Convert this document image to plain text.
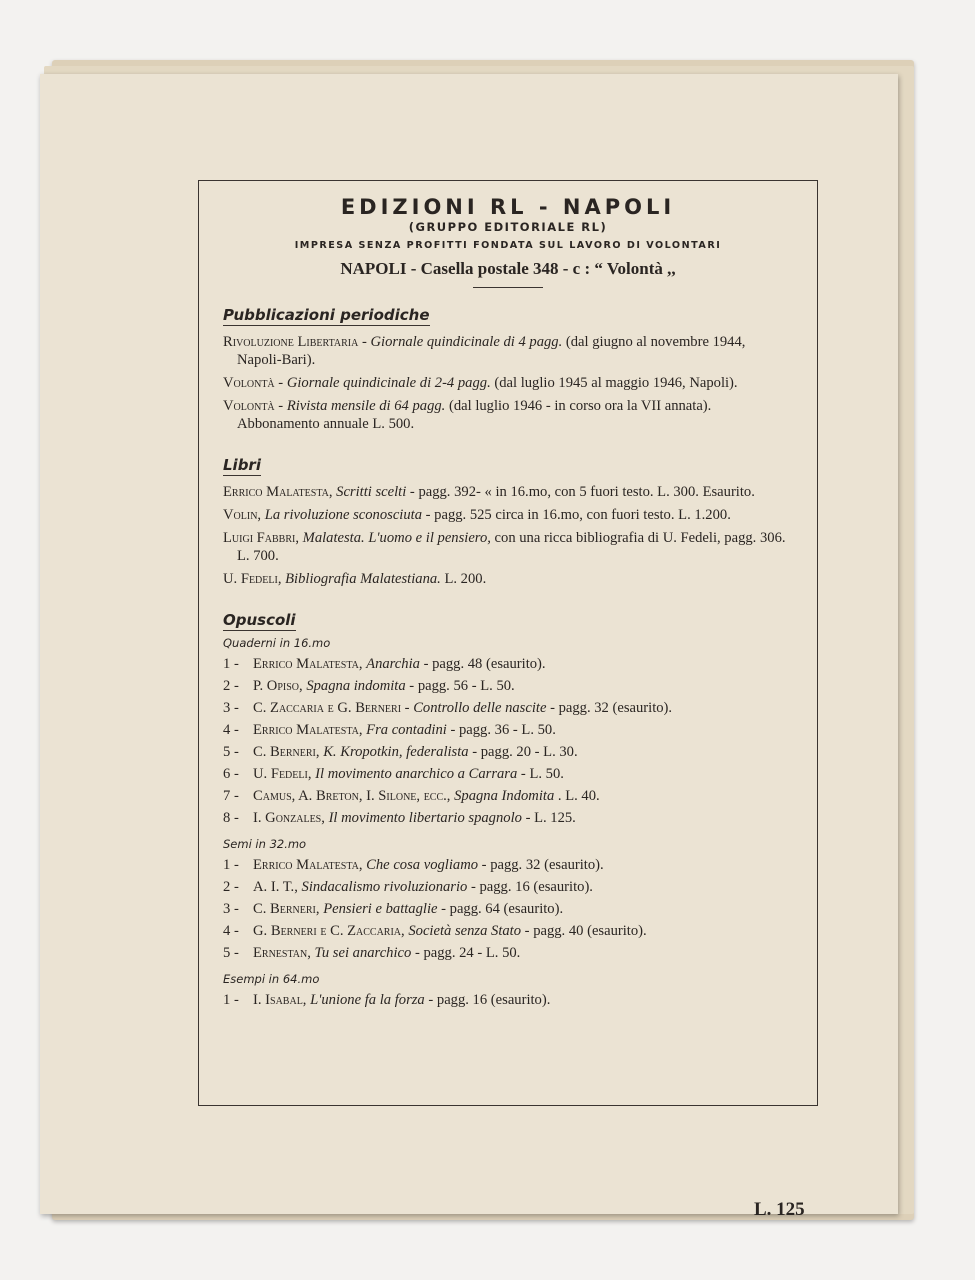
EDIZIONI RL - NAPOLI
(GRUPPO EDITORIALE RL)
IMPRESA SENZA PROFITTI FONDATA SUL LAVORO DI VOLONTARI
NAPOLI - Casella postale 348 - c : “ Volontà ,,
Pubblicazioni periodiche
Rivoluzione Libertaria - Giornale quindicinale di 4 pagg. (dal giugno al novembre 1944, Napoli-Bari).
Volontà - Giornale quindicinale di 2-4 pagg. (dal luglio 1945 al maggio 1946, Napoli).
Volontà - Rivista mensile di 64 pagg. (dal luglio 1946 - in corso ora la VII annata). Abbonamento annuale L. 500.
Libri
Errico Malatesta, Scritti scelti - pagg. 392- « in 16.mo, con 5 fuori testo. L. 300. Esaurito.
Volin, La rivoluzione sconosciuta - pagg. 525 circa in 16.mo, con fuori testo. L. 1.200.
Luigi Fabbri, Malatesta. L'uomo e il pensiero, con una ricca bibliografia di U. Fedeli, pagg. 306. L. 700.
U. Fedeli, Bibliografia Malatestiana. L. 200.
Opuscoli
Quaderni in 16.mo
1 - Errico Malatesta, Anarchia - pagg. 48 (esaurito).
2 - P. Opiso, Spagna indomita - pagg. 56 - L. 50.
3 - C. Zaccaria e G. Berneri - Controllo delle nascite - pagg. 32 (esaurito).
4 - Errico Malatesta, Fra contadini - pagg. 36 - L. 50.
5 - C. Berneri, K. Kropotkin, federalista - pagg. 20 - L. 30.
6 - U. Fedeli, Il movimento anarchico a Carrara - L. 50.
7 - Camus, A. Breton, I. Silone, ecc., Spagna Indomita . L. 40.
8 - I. Gonzales, Il movimento libertario spagnolo - L. 125.
Semi in 32.mo
1 - Errico Malatesta, Che cosa vogliamo - pagg. 32 (esaurito).
2 - A. I. T., Sindacalismo rivoluzionario - pagg. 16 (esaurito).
3 - C. Berneri, Pensieri e battaglie - pagg. 64 (esaurito).
4 - G. Berneri e C. Zaccaria, Società senza Stato - pagg. 40 (esaurito).
5 - Ernestan, Tu sei anarchico - pagg. 24 - L. 50.
Esempi in 64.mo
1 - I. Isabal, L'unione fa la forza - pagg. 16 (esaurito).
L. 125
